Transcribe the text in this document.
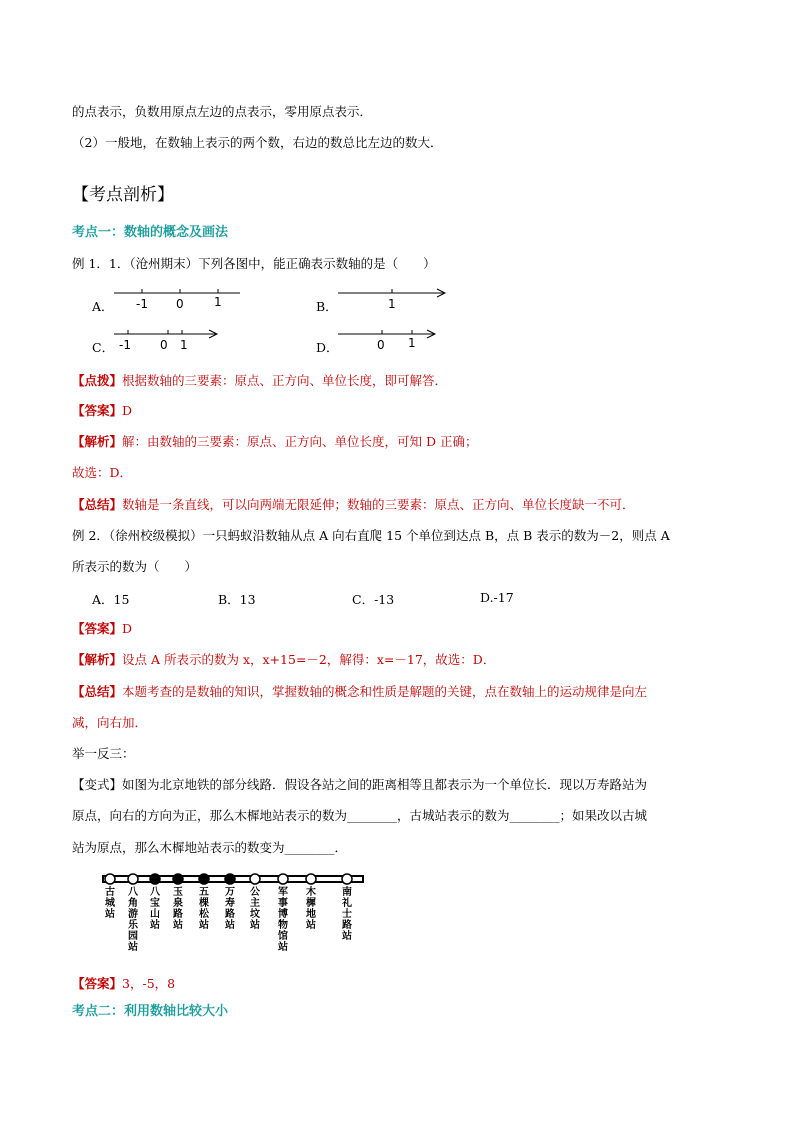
的点表示，负数用原点左边的点表示，零用原点表示．
（2）一般地，在数轴上表示的两个数，右边的数总比左边的数大．
【考点剖析】
考点一：数轴的概念及画法
例 1．1．（沧州期末）下列各图中，能正确表示数轴的是（　　）
A． -1 0	1	B．	1
C． -1 0 1	D．	0 1
【点拨】根据数轴的三要素：原点、正方向、单位长度，即可解答．
【答案】D
【解析】解：由数轴的三要素：原点、正方向、单位长度，可知 D 正确；
故选：D．
【总结】数轴是一条直线，可以向两端无限延伸；数轴的三要素：原点、正方向、单位长度缺一不可．
例 2．（徐州校级模拟）一只蚂蚁沿数轴从点 A 向右直爬 15 个单位到达点 B，点 B 表示的数为－2，则点 A
所表示的数为（　　）
A．15	B．13	C．-13	D.-17
【答案】D
【解析】设点 A 所表示的数为 x，x+15=－2，解得：x=－17，故选：D．
【总结】本题考查的是数轴的知识，掌握数轴的概念和性质是解题的关键，点在数轴上的运动规律是向左
减，向右加．
举一反三：
【变式】如图为北京地铁的部分线路．假设各站之间的距离相等且都表示为一个单位长．现以万寿路站为
原点，向右的方向为正，那么木樨地站表示的数为________，古城站表示的数为________；如果改以古城
站为原点，那么木樨地站表示的数变为________．
古城站
八角游乐园站
八宝山站
玉泉路站
五棵松站
万寿路站
公主坟站
军事博物馆站
木樨地站
南礼士路站
【答案】3，-5，8
考点二：利用数轴比较大小
